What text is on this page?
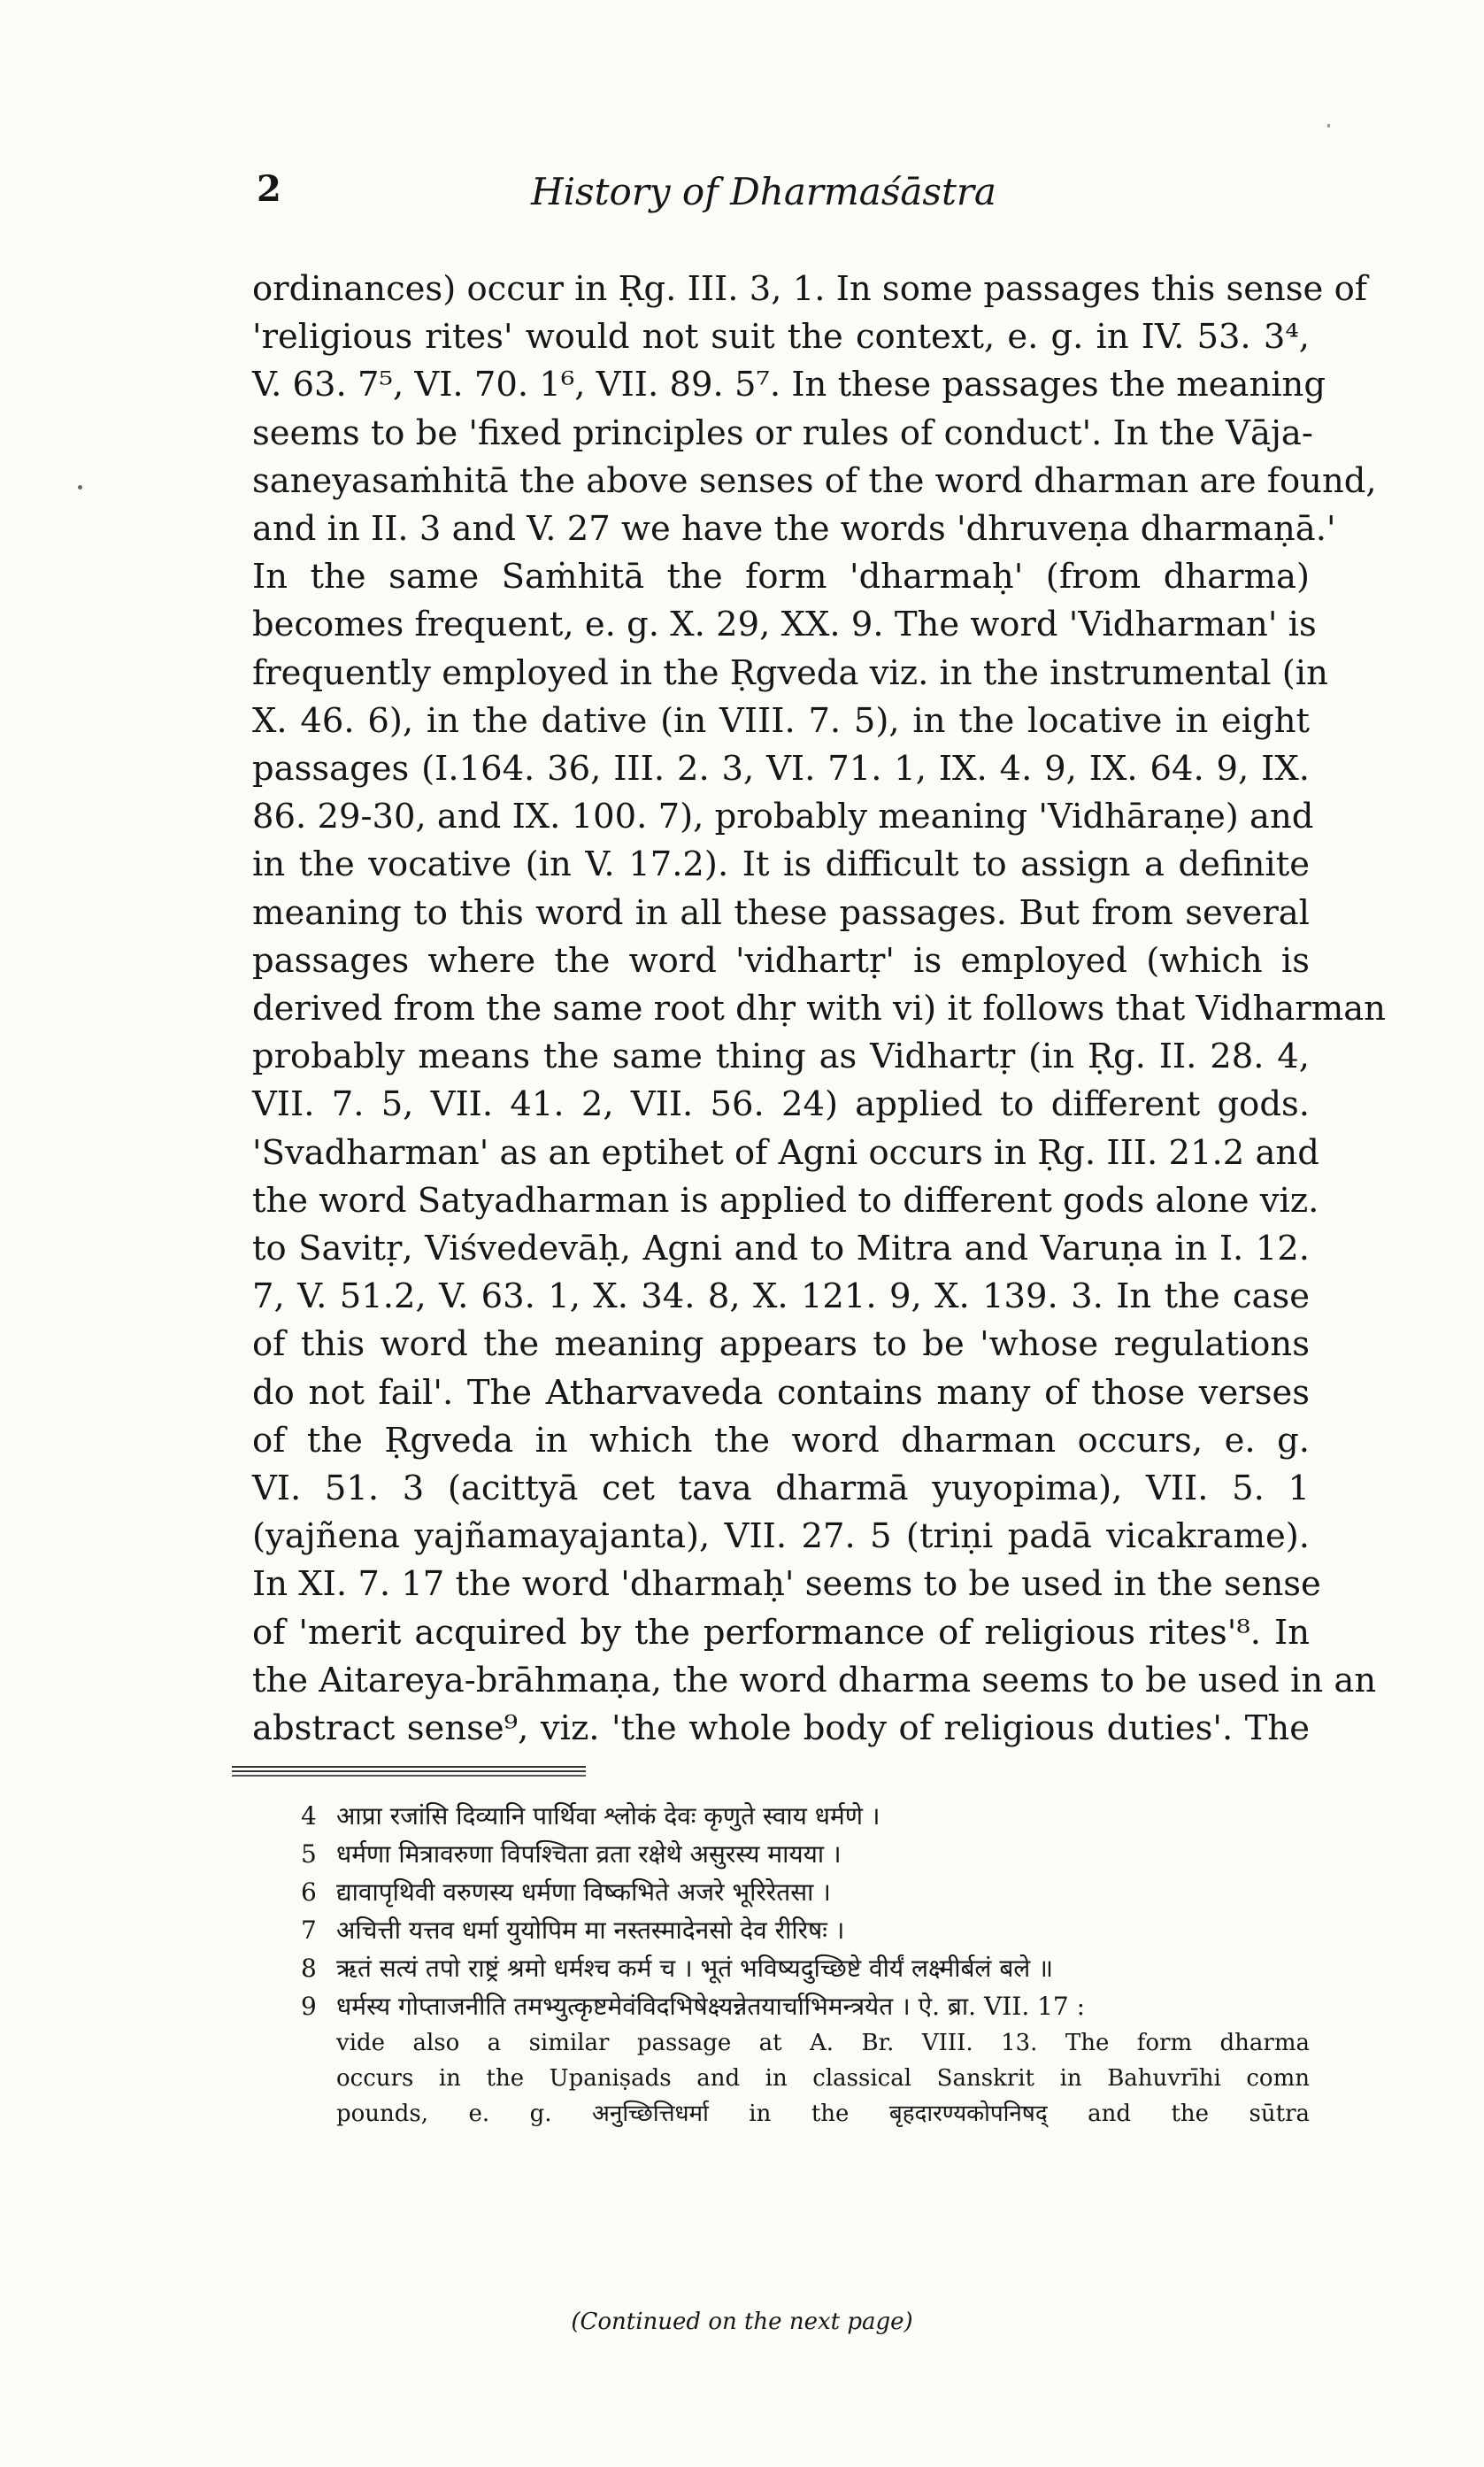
2	History of Dharmaśāstra
ordinances) occur in Ṛg. III. 3, 1. In some passages this sense of
'religious rites' would not suit the context, e. g. in IV. 53. 3⁴,
V. 63. 7⁵, VI. 70. 1⁶, VII. 89. 5⁷. In these passages the meaning
seems to be 'fixed principles or rules of conduct'. In the Vāja-
saneyasaṁhitā the above senses of the word dharman are found,
and in II. 3 and V. 27 we have the words 'dhruveṇa dharmaṇā.'
In the same Saṁhitā the form 'dharmaḥ' (from dharma)
becomes frequent, e. g. X. 29, XX. 9. The word 'Vidharman' is
frequently employed in the Ṛgveda viz. in the instrumental (in
X. 46. 6), in the dative (in VIII. 7. 5), in the locative in eight
passages (I.164. 36, III. 2. 3, VI. 71. 1, IX. 4. 9, IX. 64. 9, IX.
86. 29-30, and IX. 100. 7), probably meaning 'Vidhāraṇe) and
in the vocative (in V. 17.2). It is difficult to assign a definite
meaning to this word in all these passages. But from several
passages where the word 'vidhartṛ' is employed (which is
derived from the same root dhṛ with vi) it follows that Vidharman
probably means the same thing as Vidhartṛ (in Ṛg. II. 28. 4,
VII. 7. 5, VII. 41. 2, VII. 56. 24) applied to different gods.
'Svadharman' as an eptihet of Agni occurs in Ṛg. III. 21.2 and
the word Satyadharman is applied to different gods alone viz.
to Savitṛ, Viśvedevāḥ, Agni and to Mitra and Varuṇa in I. 12.
7, V. 51.2, V. 63. 1, X. 34. 8, X. 121. 9, X. 139. 3. In the case
of this word the meaning appears to be 'whose regulations
do not fail'. The Atharvaveda contains many of those verses
of the Ṛgveda in which the word dharman occurs, e. g.
VI. 51. 3 (acittyā cet tava dharmā yuyopima), VII. 5. 1
(yajñena yajñamayajanta), VII. 27. 5 (triṇi padā vicakrame).
In XI. 7. 17 the word 'dharmaḥ' seems to be used in the sense
of 'merit acquired by the performance of religious rites'⁸. In
the Aitareya-brāhmaṇa, the word dharma seems to be used in an
abstract sense⁹, viz. 'the whole body of religious duties'. The
4 आप्रा रजांसि दिव्यानि पार्थिवा श्लोकं देवः कृणुते स्वाय धर्मणे ।
5 धर्मणा मित्रावरुणा विपश्चिता व्रता रक्षेथे असुरस्य मायया ।
6 द्यावापृथिवी वरुणस्य धर्मणा विष्कभिते अजरे भूरिरेतसा ।
7 अचित्ती यत्तव धर्मा युयोपिम मा नस्तस्मादेनसो देव रीरिषः ।
8 ऋतं सत्यं तपो राष्ट्रं श्रमो धर्मश्च कर्म च । भूतं भविष्यदुच्छिष्टे वीर्यं लक्ष्मीर्बलं बले ॥
9 धर्मस्य गोप्ताजनीति तमभ्युत्कृष्टमेवंविदभिषेक्ष्यन्नेतयार्चाभिमन्त्रयेत । ऐ. ब्रा. VII. 17 :
vide also a similar passage at A. Br. VIII. 13. The form dharma
occurs in the Upaniṣads and in classical Sanskrit in Bahuvrīhi comn
pounds, e. g. अनुच्छित्तिधर्मा in the बृहदारण्यकोपनिषद् and the sūtra
(Continued on the next page)
